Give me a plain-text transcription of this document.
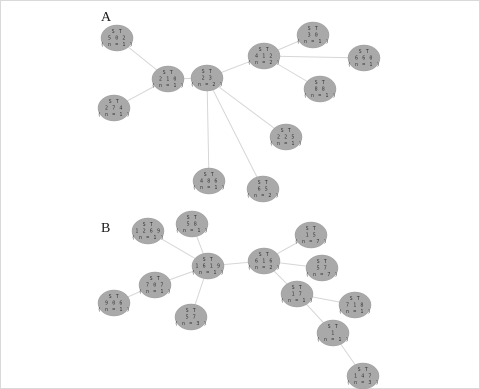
A
B
S T
5 0 2
( n = 1 )
S T
2 1 0
( n = 1 )
S T
2 7 4
( n = 1 )
S T
2 3
( n = 2 )
S T
4 1 2
( n = 2 )
S T
3 0
( n = 1 )
S T
6 6 0
( n = 1 )
S T
8 8
( n = 1 )
S T
2 2 5
( n = 1 )
S T
4 8 6
( n = 1 )
S T
6 5
( n = 2 )
S T
1 2 6 9
( n = 1 )
S T
5 8
( n = 1 )
S T
1 6 1 9
( n = 1 )
S T
7 0 7
( n = 1 )
S T
9 0 6
( n = 1 )	S T
5 7
( n = 3 )
S T
6 1 6
( n = 2 )
S T
1 5
( n = 7 )
S T
5 7
( n = 7 )
S T
1 7
( n = 1 )	S T
7 1 8
( n = 1 )
S T
1
( n = 1 )
S T
1 4 7
( n = 3 )
